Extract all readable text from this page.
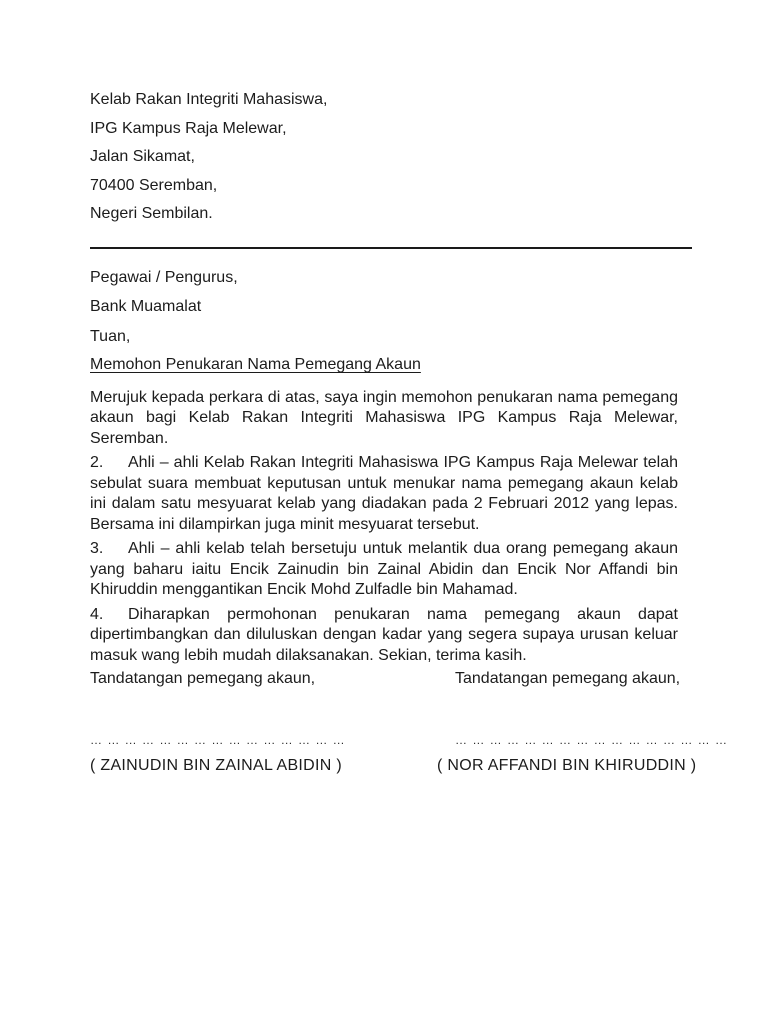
Kelab Rakan Integriti Mahasiswa,

IPG Kampus Raja Melewar,

Jalan Sikamat,

70400 Seremban,

Negeri Sembilan.

Pegawai / Pengurus,

Bank Muamalat

Tuan,

Memohon Penukaran Nama Pemegang Akaun

Merujuk kepada perkara di atas, saya ingin memohon penukaran nama pemegang akaun bagi Kelab Rakan Integriti Mahasiswa IPG Kampus Raja Melewar, Seremban.

2. Ahli – ahli Kelab Rakan Integriti Mahasiswa IPG Kampus Raja Melewar telah sebulat suara membuat keputusan untuk menukar nama pemegang akaun kelab ini dalam satu mesyuarat kelab yang diadakan pada 2 Februari 2012 yang lepas. Bersama ini dilampirkan juga minit mesyuarat tersebut.

3. Ahli – ahli kelab telah bersetuju untuk melantik dua orang pemegang akaun yang baharu iaitu Encik Zainudin bin Zainal Abidin dan Encik Nor Affandi bin Khiruddin menggantikan Encik Mohd Zulfadle bin Mahamad.

4. Diharapkan permohonan penukaran nama pemegang akaun dapat dipertimbangkan dan diluluskan dengan kadar yang segera supaya urusan keluar masuk wang lebih mudah dilaksanakan. Sekian, terima kasih.

Tandatangan pemegang akaun,	Tandatangan pemegang akaun,
… … … … … … … … … … … … … … …	… … … … … … … … … … … … … … … …
( ZAINUDIN BIN ZAINAL ABIDIN )	( NOR AFFANDI BIN KHIRUDDIN )
